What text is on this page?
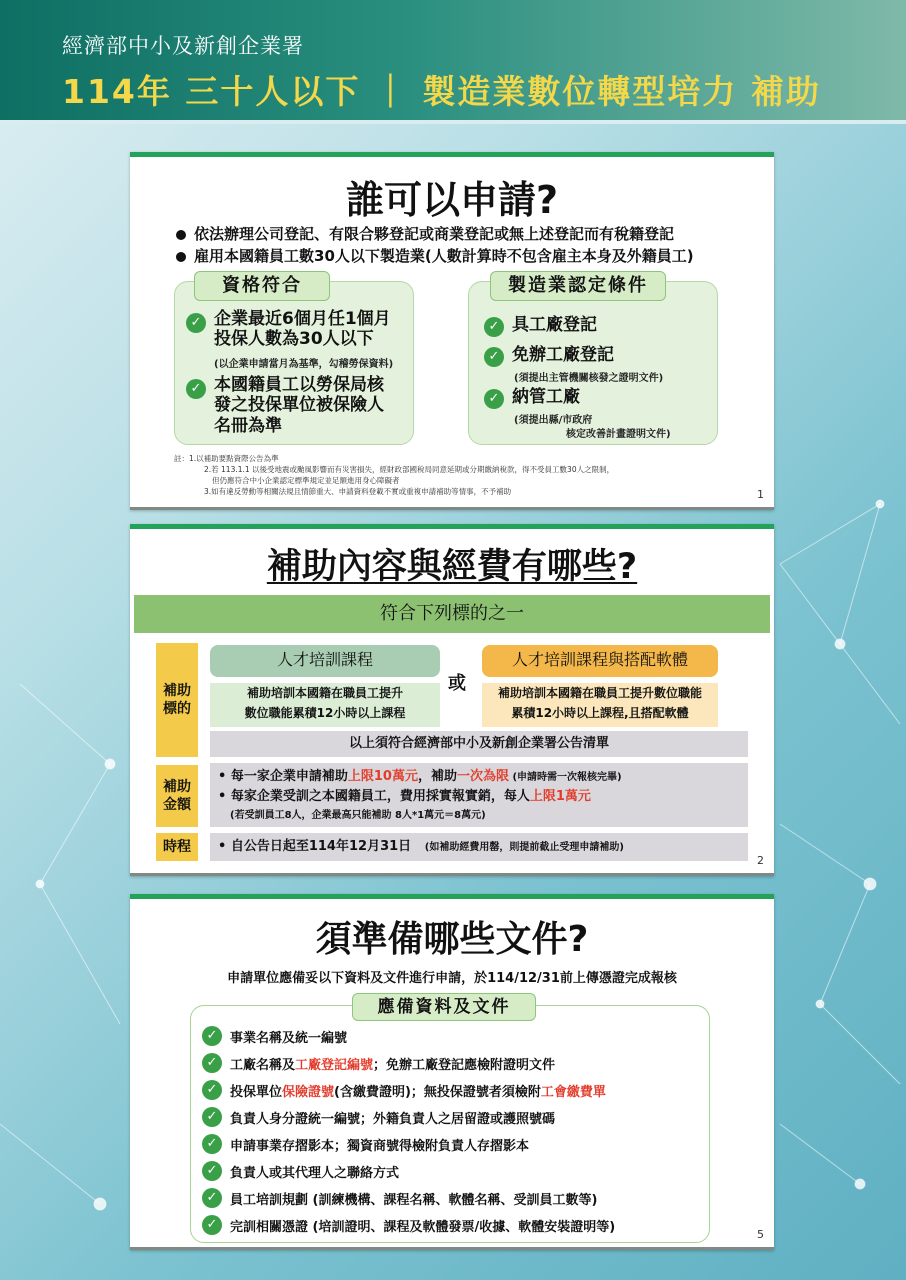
經濟部中小及新創企業署
114年 三十人以下 ｜ 製造業數位轉型培力 補助
誰可以申請?
依法辦理公司登記、有限合夥登記或商業登記或無上述登記而有稅籍登記
雇用本國籍員工數30人以下製造業(人數計算時不包含雇主本身及外籍員工)
資格符合
✓ 企業最近6個月任1個月
投保人數為30人以下
(以企業申請當月為基準，勾稽勞保資料)
✓ 本國籍員工以勞保局核
發之投保單位被保險人
名冊為準
製造業認定條件
✓ 具工廠登記
✓ 免辦工廠登記
(須提出主管機關核發之證明文件)
✓ 納管工廠
(須提出縣/市政府
核定改善計畫證明文件)
註：1.以補助要點資際公告為準
2.若 113.1.1 以後受地震或颱風影響而有災害損失，經財政部國稅局同意延期或分期繳納稅款，得不受員工數30人之限制，
但仍應符合中小企業認定標準規定並足額進用身心障礙者
3.如有違反勞動等相關法規且情節重大、申請資料登載不實或重複申請補助等情事，不予補助	1
補助內容與經費有哪些?
符合下列標的之一
補助標的
補助金額
時程
人才培訓課程
或
人才培訓課程與搭配軟體
補助培訓本國籍在職員工提升
數位職能累積12小時以上課程
補助培訓本國籍在職員工提升數位職能
累積12小時以上課程,且搭配軟體
以上須符合經濟部中小及新創企業署公告清單
• 每一家企業申請補助上限10萬元，補助一次為限 (申請時需一次報核完畢)
• 每家企業受訓之本國籍員工，費用採實報實銷，每人上限1萬元
(若受訓員工8人，企業最高只能補助 8人*1萬元＝8萬元)
• 自公告日起至114年12月31日 (如補助經費用罄，則提前截止受理申請補助)
2
須準備哪些文件?
申請單位應備妥以下資料及文件進行申請，於114/12/31前上傳憑證完成報核
應備資料及文件
5
✓ 事業名稱及統一編號
✓ 工廠名稱及工廠登記編號；免辦工廠登記應檢附證明文件
✓ 投保單位保險證號(含繳費證明)；無投保證號者須檢附工會繳費單
✓ 負責人身分證統一編號；外籍負責人之居留證或護照號碼
✓ 申請事業存摺影本；獨資商號得檢附負責人存摺影本
✓ 負責人或其代理人之聯絡方式
✓ 員工培訓規劃 (訓練機構、課程名稱、軟體名稱、受訓員工數等)
✓ 完訓相關憑證 (培訓證明、課程及軟體發票/收據、軟體安裝證明等)
